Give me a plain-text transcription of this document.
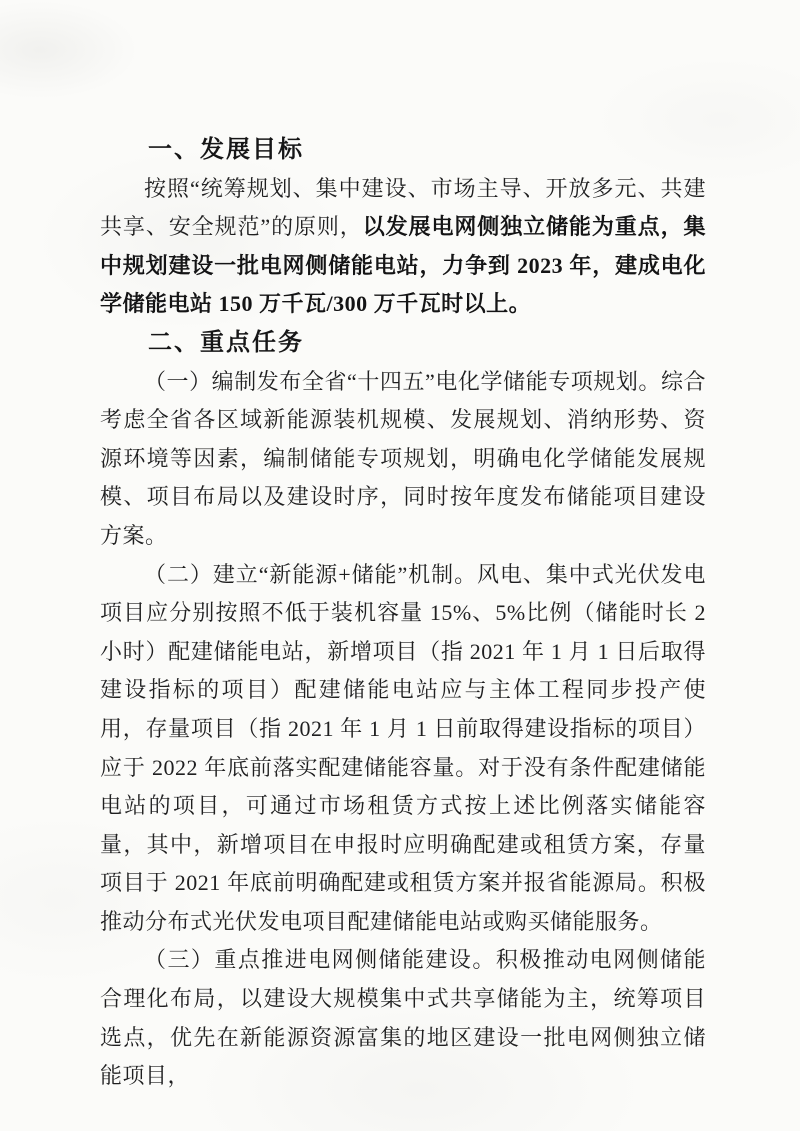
一、发展目标

按照“统筹规划、集中建设、市场主导、开放多元、共建共享、安全规范”的原则，以发展电网侧独立储能为重点，集中规划建设一批电网侧储能电站，力争到 2023 年，建成电化学储能电站 150 万千瓦/300 万千瓦时以上。

二、重点任务

（一）编制发布全省“十四五”电化学储能专项规划。综合考虑全省各区域新能源装机规模、发展规划、消纳形势、资源环境等因素，编制储能专项规划，明确电化学储能发展规模、项目布局以及建设时序，同时按年度发布储能项目建设方案。

（二）建立“新能源+储能”机制。风电、集中式光伏发电项目应分别按照不低于装机容量 15%、5%比例（储能时长 2 小时）配建储能电站，新增项目（指 2021 年 1 月 1 日后取得建设指标的项目）配建储能电站应与主体工程同步投产使用，存量项目（指 2021 年 1 月 1 日前取得建设指标的项目）应于 2022 年底前落实配建储能容量。对于没有条件配建储能电站的项目，可通过市场租赁方式按上述比例落实储能容量，其中，新增项目在申报时应明确配建或租赁方案，存量项目于 2021 年底前明确配建或租赁方案并报省能源局。积极推动分布式光伏发电项目配建储能电站或购买储能服务。

（三）重点推进电网侧储能建设。积极推动电网侧储能合理化布局，以建设大规模集中式共享储能为主，统筹项目选点，优先在新能源资源富集的地区建设一批电网侧独立储能项目，
